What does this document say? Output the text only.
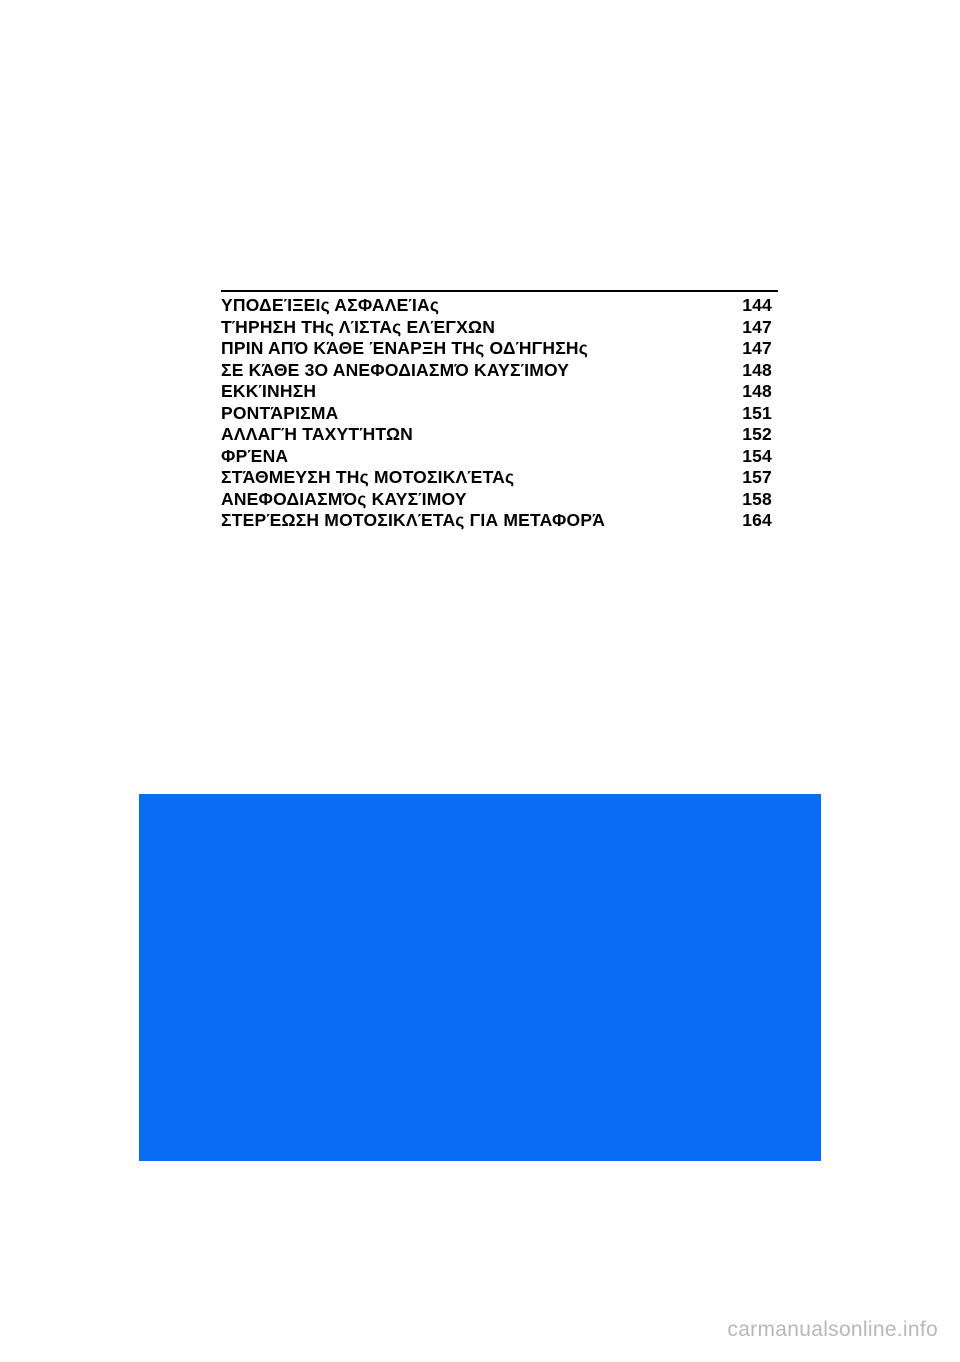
ΥΠΟΔΕΊΞΕΙς ΑΣΦΑΛΕΊΑς	144
ΤΉΡΗΣΗ ΤΗς ΛΊΣΤΑς ΕΛΈΓΧΩΝ	147
ΠΡΙΝ ΑΠΌ ΚΆΘΕ ΈΝΑΡΞΗ ΤΗς ΟΔΉΓΗΣΗς	147
ΣΕ ΚΆΘΕ 3Ο ΑΝΕΦΟΔΙΑΣΜΌ ΚΑΥΣΊΜΟΥ	148
ΕΚΚΊΝΗΣΗ	148
ΡΟΝΤΆΡΙΣΜΑ	151
ΑΛΛΑΓΉ ΤΑΧΥΤΉΤΩΝ	152
ΦΡΈΝΑ	154
ΣΤΆΘΜΕΥΣΗ ΤΗς ΜΟΤΟΣΙΚΛΈΤΑς	157
ΑΝΕΦΟΔΙΑΣΜΌς ΚΑΥΣΊΜΟΥ	158
ΣΤΕΡΈΩΣΗ ΜΟΤΟΣΙΚΛΈΤΑς ΓΙΑ ΜΕΤΑΦΟΡΆ	164
carmanualsonline.info
